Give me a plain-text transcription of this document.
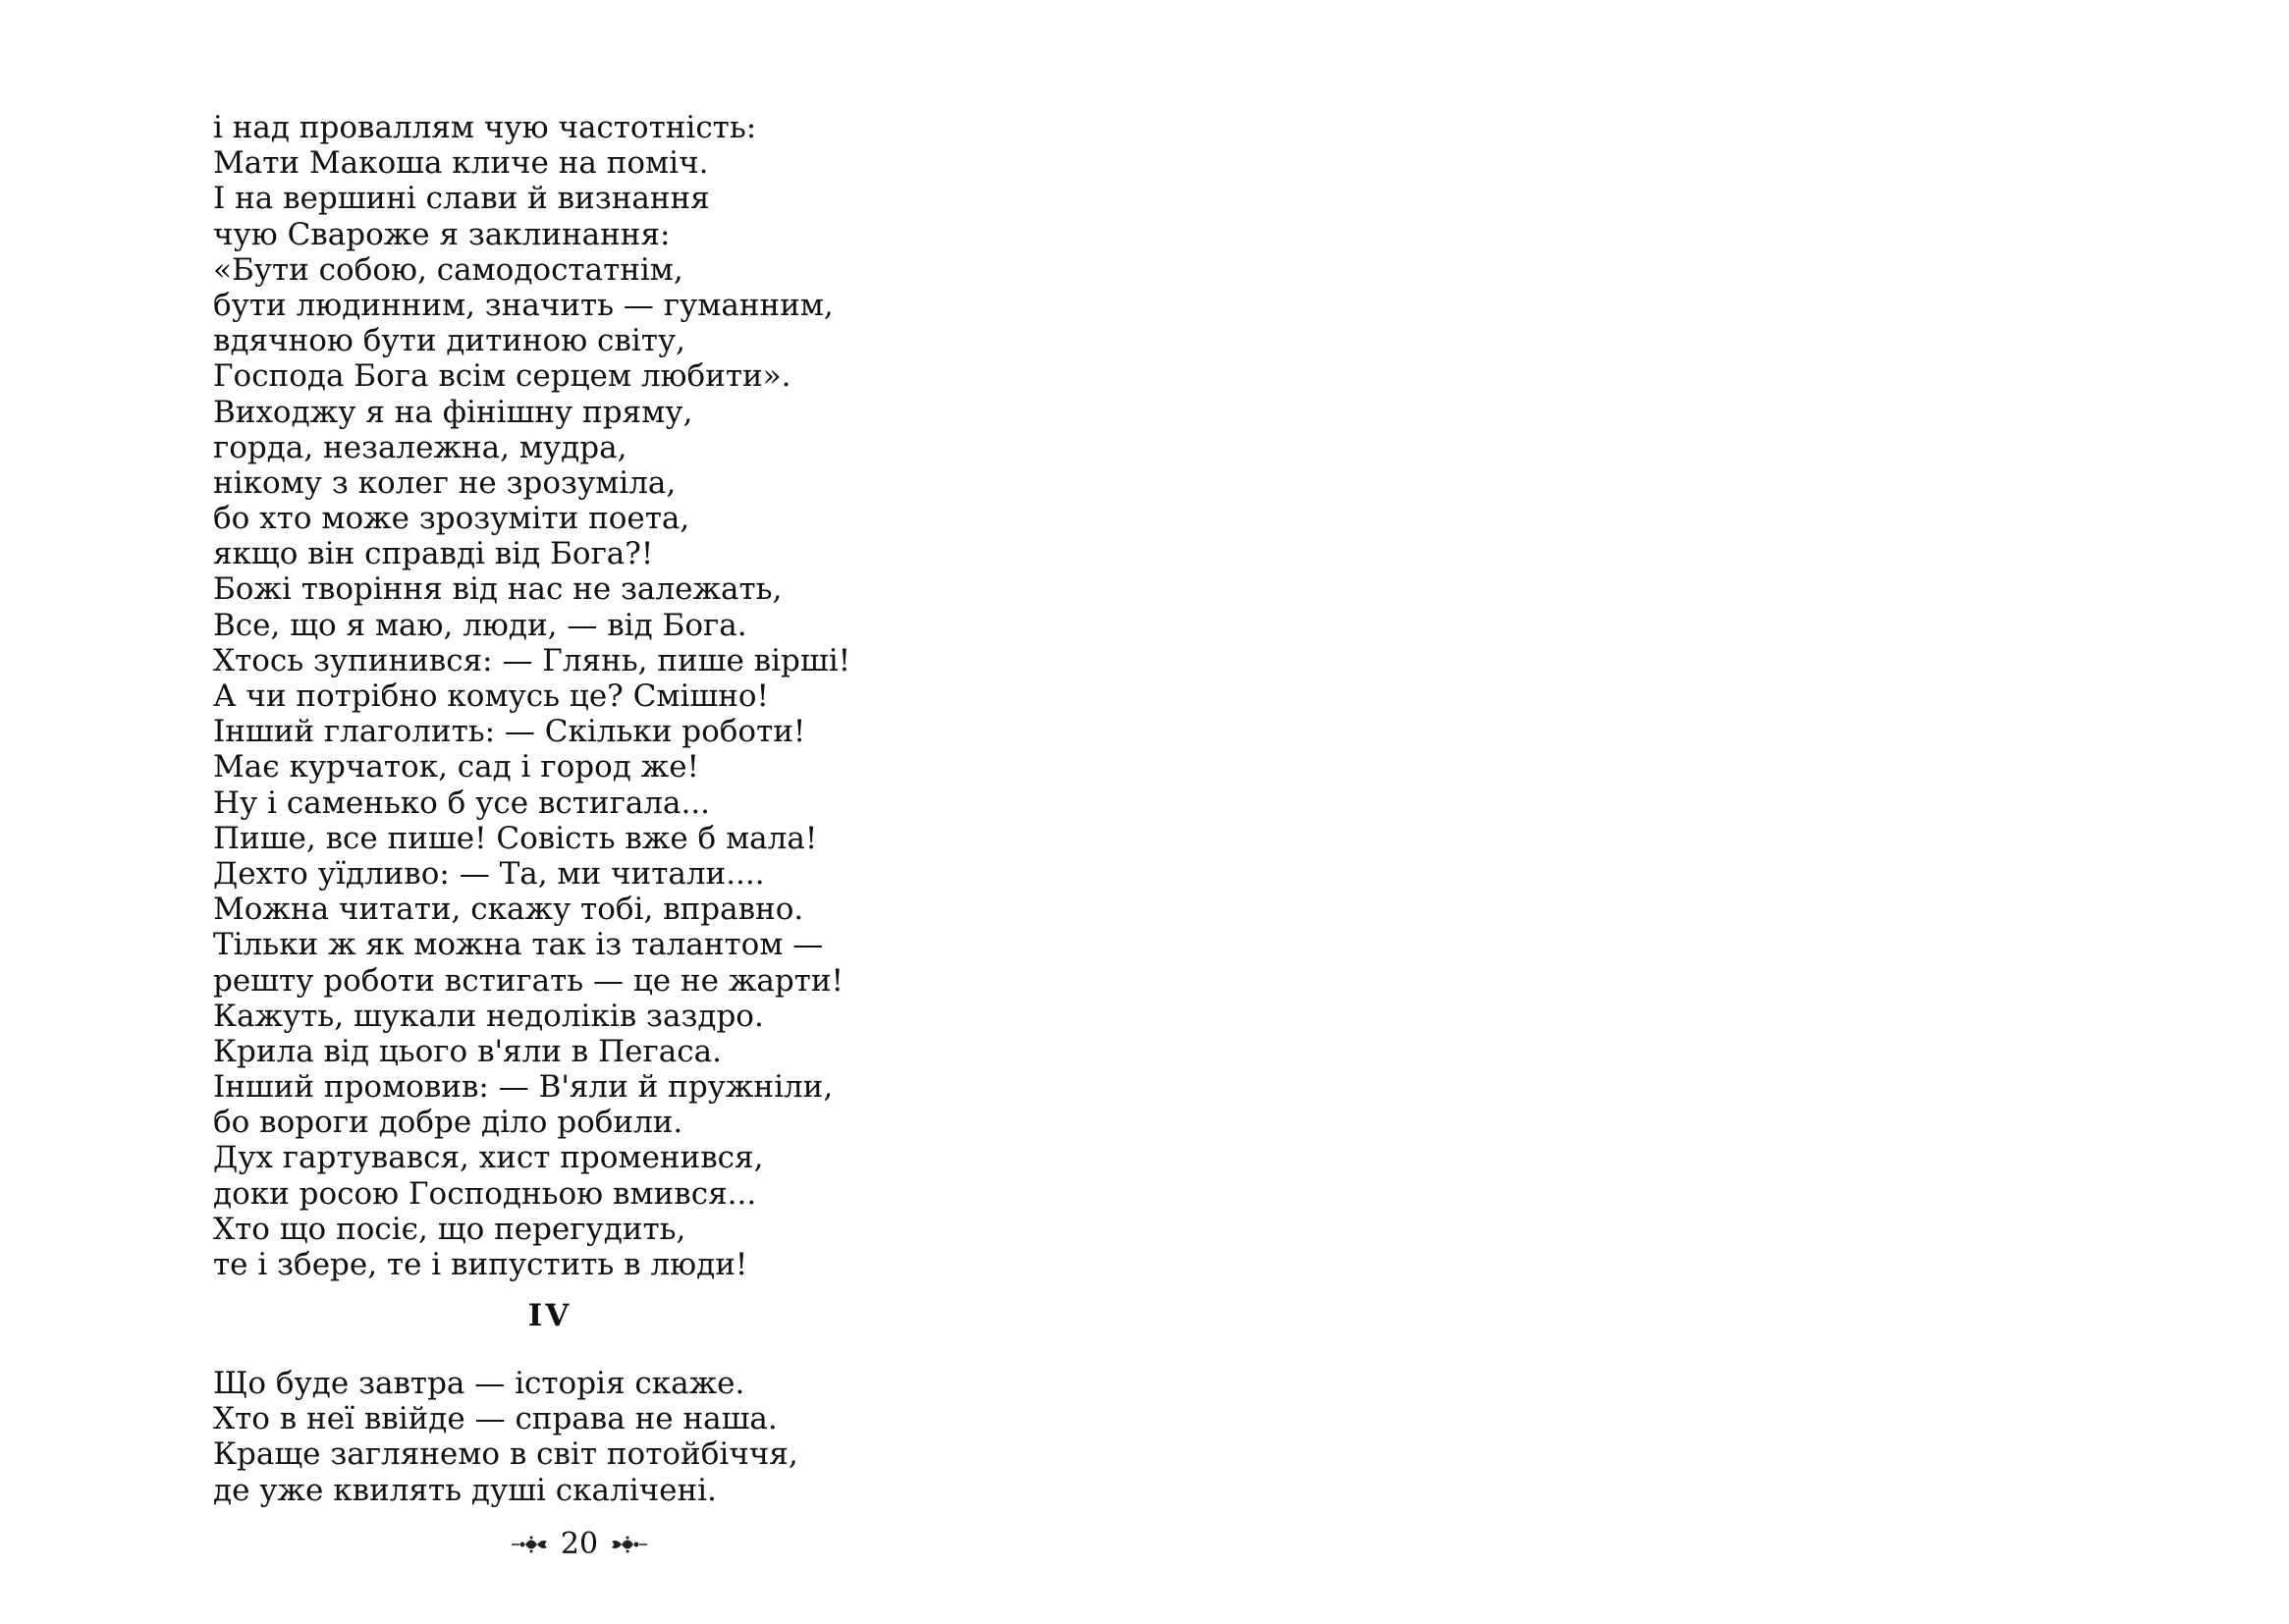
і над проваллям чую частотність:
Мати Макоша кличе на поміч.
І на вершині слави й визнання
чую Свароже я заклинання:
«Бути собою, самодостатнім,
бути людинним, значить — гуманним,
вдячною бути дитиною світу,
Господа Бога всім серцем любити».
Виходжу я на фінішну пряму,
горда, незалежна, мудра,
нікому з колег не зрозуміла,
бо хто може зрозуміти поета,
якщо він справді від Бога?!
Божі творіння від нас не залежать,
Все, що я маю, люди, — від Бога.
Хтось зупинився: — Глянь, пише вірші!
А чи потрібно комусь це? Смішно!
Інший глаголить: — Скільки роботи!
Має курчаток, сад і город же!
Ну і саменько б усе встигала...
Пише, все пише! Совість вже б мала!
Дехто уїдливо: — Та, ми читали....
Можна читати, скажу тобі, вправно.
Тільки ж як можна так із талантом —
решту роботи встигать — це не жарти!
Кажуть, шукали недоліків заздро.
Крила від цього в'яли в Пегаса.
Інший промовив: — В'яли й пружніли,
бо вороги добре діло робили.
Дух гартувався, хист променився,
доки росою Господньою вмився...
Хто що посіє, що перегудить,
те і збере, те і випустить в люди!
IV
Що буде завтра — історія скаже.
Хто в неї ввійде — справа не наша.
Краще заглянемо в світ потойбіччя,
де уже квилять душі скалічені.
20
